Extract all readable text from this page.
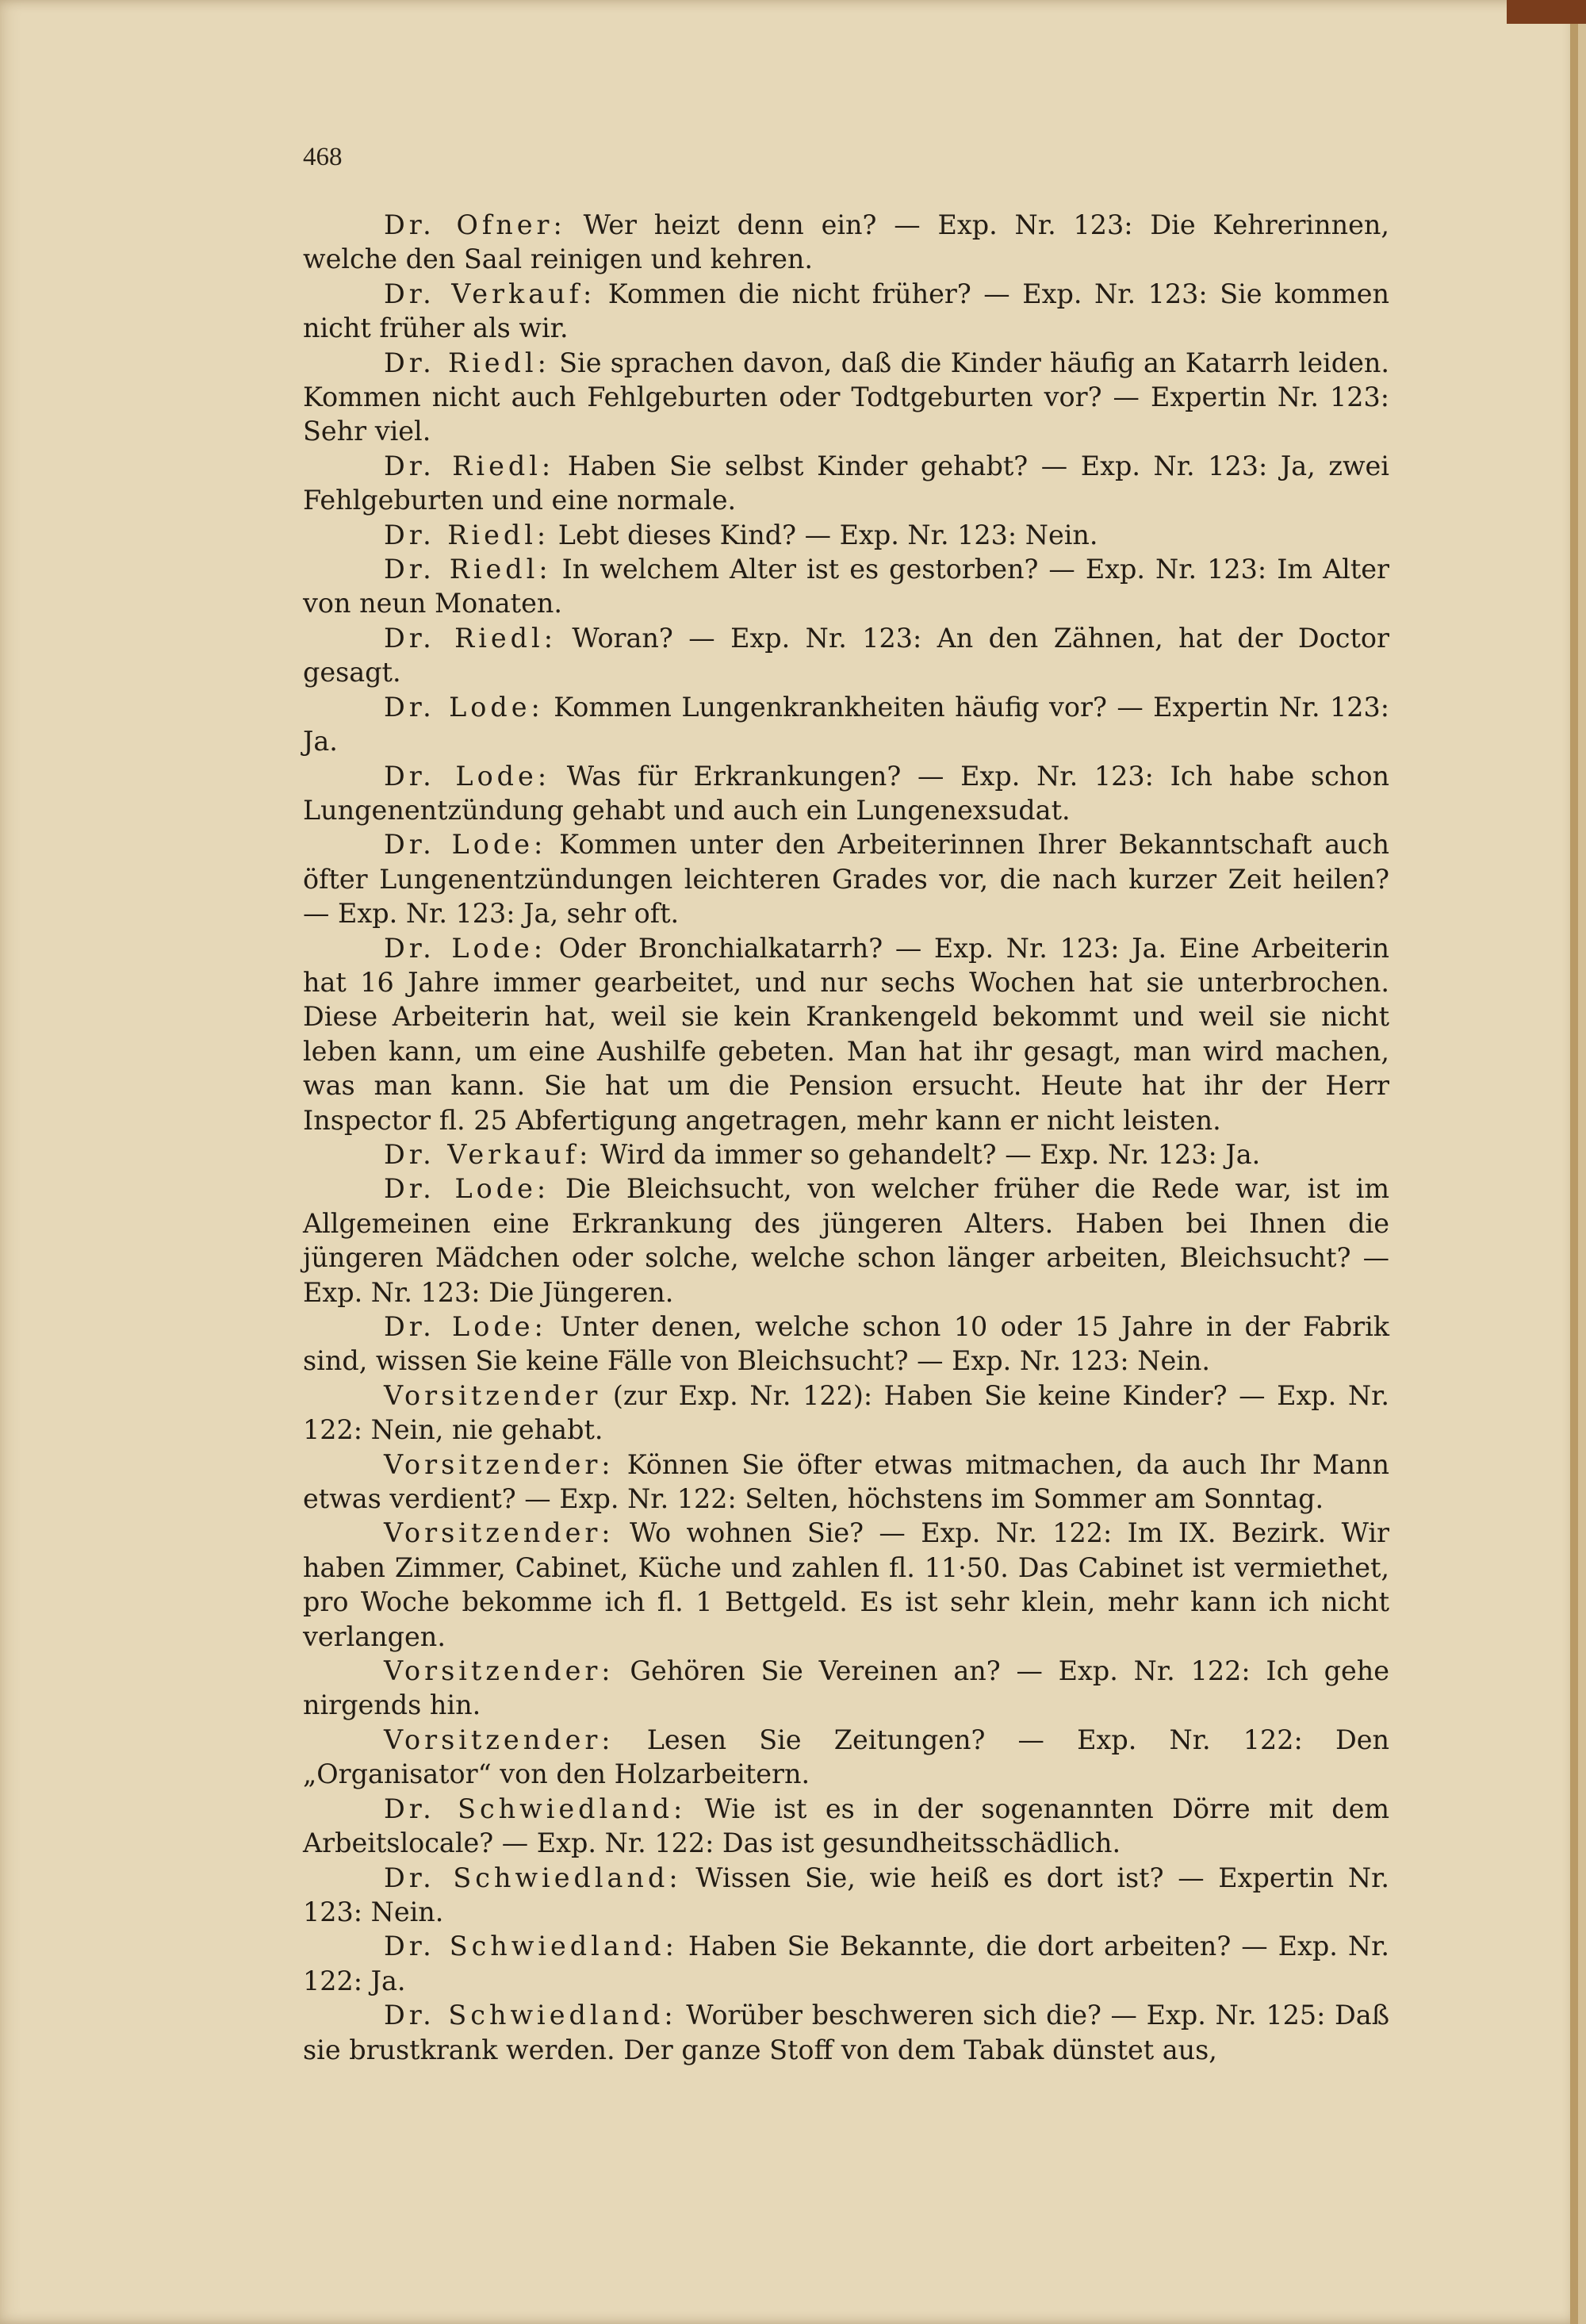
468

Dr. Ofner: Wer heizt denn ein? — Exp. Nr. 123: Die Kehrerinnen, welche den Saal reinigen und kehren.

Dr. Verkauf: Kommen die nicht früher? — Exp. Nr. 123: Sie kommen nicht früher als wir.

Dr. Riedl: Sie sprachen davon, daß die Kinder häufig an Katarrh leiden. Kommen nicht auch Fehlgeburten oder Todtgeburten vor? — Expertin Nr. 123: Sehr viel.

Dr. Riedl: Haben Sie selbst Kinder gehabt? — Exp. Nr. 123: Ja, zwei Fehlgeburten und eine normale.

Dr. Riedl: Lebt dieses Kind? — Exp. Nr. 123: Nein.

Dr. Riedl: In welchem Alter ist es gestorben? — Exp. Nr. 123: Im Alter von neun Monaten.

Dr. Riedl: Woran? — Exp. Nr. 123: An den Zähnen, hat der Doctor gesagt.

Dr. Lode: Kommen Lungenkrankheiten häufig vor? — Expertin Nr. 123: Ja.

Dr. Lode: Was für Erkrankungen? — Exp. Nr. 123: Ich habe schon Lungenentzündung gehabt und auch ein Lungenexsudat.

Dr. Lode: Kommen unter den Arbeiterinnen Ihrer Bekanntschaft auch öfter Lungenentzündungen leichteren Grades vor, die nach kurzer Zeit heilen? — Exp. Nr. 123: Ja, sehr oft.

Dr. Lode: Oder Bronchialkatarrh? — Exp. Nr. 123: Ja. Eine Arbeiterin hat 16 Jahre immer gearbeitet, und nur sechs Wochen hat sie unterbrochen. Diese Arbeiterin hat, weil sie kein Krankengeld bekommt und weil sie nicht leben kann, um eine Aushilfe gebeten. Man hat ihr gesagt, man wird machen, was man kann. Sie hat um die Pension ersucht. Heute hat ihr der Herr Inspector fl. 25 Abfertigung angetragen, mehr kann er nicht leisten.

Dr. Verkauf: Wird da immer so gehandelt? — Exp. Nr. 123: Ja.

Dr. Lode: Die Bleichsucht, von welcher früher die Rede war, ist im Allgemeinen eine Erkrankung des jüngeren Alters. Haben bei Ihnen die jüngeren Mädchen oder solche, welche schon länger arbeiten, Bleichsucht? — Exp. Nr. 123: Die Jüngeren.

Dr. Lode: Unter denen, welche schon 10 oder 15 Jahre in der Fabrik sind, wissen Sie keine Fälle von Bleichsucht? — Exp. Nr. 123: Nein.

Vorsitzender (zur Exp. Nr. 122): Haben Sie keine Kinder? — Exp. Nr. 122: Nein, nie gehabt.

Vorsitzender: Können Sie öfter etwas mitmachen, da auch Ihr Mann etwas verdient? — Exp. Nr. 122: Selten, höchstens im Sommer am Sonntag.

Vorsitzender: Wo wohnen Sie? — Exp. Nr. 122: Im IX. Bezirk. Wir haben Zimmer, Cabinet, Küche und zahlen fl. 11·50. Das Cabinet ist vermiethet, pro Woche bekomme ich fl. 1 Bettgeld. Es ist sehr klein, mehr kann ich nicht verlangen.

Vorsitzender: Gehören Sie Vereinen an? — Exp. Nr. 122: Ich gehe nirgends hin.

Vorsitzender: Lesen Sie Zeitungen? — Exp. Nr. 122: Den „Organisator“ von den Holzarbeitern.

Dr. Schwiedland: Wie ist es in der sogenannten Dörre mit dem Arbeitslocale? — Exp. Nr. 122: Das ist gesundheitsschädlich.

Dr. Schwiedland: Wissen Sie, wie heiß es dort ist? — Expertin Nr. 123: Nein.

Dr. Schwiedland: Haben Sie Bekannte, die dort arbeiten? — Exp. Nr. 122: Ja.

Dr. Schwiedland: Worüber beschweren sich die? — Exp. Nr. 125: Daß sie brustkrank werden. Der ganze Stoff von dem Tabak dünstet aus,
